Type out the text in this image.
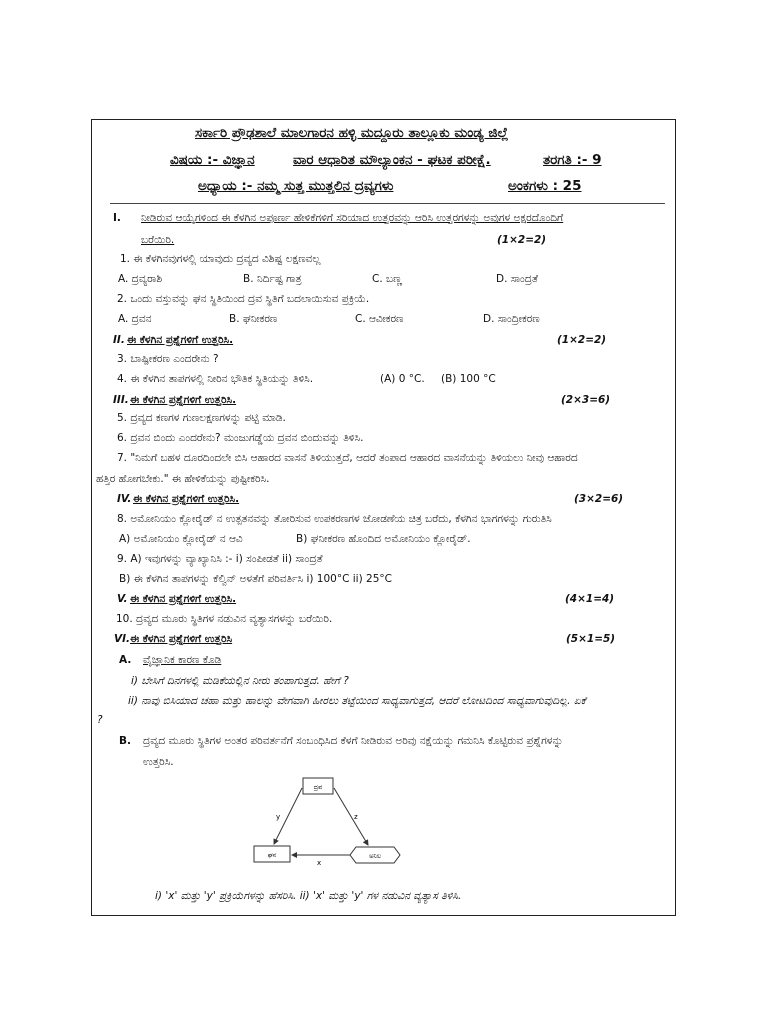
ಸರ್ಕಾರಿ ಪ್ರೌಢಶಾಲೆ ಮಾಲಗಾರನ ಹಳ್ಳಿ ಮದ್ದೂರು ತಾಲ್ಲೂಕು ಮಂಡ್ಯ ಜಿಲ್ಲೆ
ವಿಷಯ :- ವಿಜ್ಞಾನ	ವಾರ ಆಧಾರಿತ ಮೌಲ್ಯಾಂಕನ - ಘಟಕ ಪರೀಕ್ಷೆ.	ತರಗತಿ :- 9
ಅಧ್ಯಾಯ :- ನಮ್ಮ ಸುತ್ತ ಮುತ್ತಲಿನ ದ್ರವ್ಯಗಳು	ಅಂಕಗಳು : 25
I. ನೀಡಿರುವ ಆಯ್ಕೆಗಳಿಂದ ಈ ಕೆಳಗಿನ ಅಪೂರ್ಣ ಹೇಳಿಕೆಗಳಿಗೆ ಸರಿಯಾದ ಉತ್ತರವನ್ನು ಆರಿಸಿ ಉತ್ತರಗಳನ್ನು ಅವುಗಳ ಅಕ್ಷರದೊಂದಿಗೆ
ಬರೆಯಿರಿ.	(1×2=2)
1. ಈ ಕೆಳಗಿನವುಗಳಲ್ಲಿ ಯಾವುದು ದ್ರವ್ಯದ ವಿಶಿಷ್ಟ ಲಕ್ಷಣವಲ್ಲ
A. ದ್ರವ್ಯರಾಶಿ	B. ನಿರ್ದಿಷ್ಟ ಗಾತ್ರ	C. ಬಣ್ಣ	D. ಸಾಂದ್ರತೆ
2. ಒಂದು ವಸ್ತುವನ್ನು ಘನ ಸ್ಥಿತಿಯಿಂದ ದ್ರವ ಸ್ಥಿತಿಗೆ ಬದಲಾಯಿಸುವ ಪ್ರಕ್ರಿಯೆ.
A. ದ್ರವನ	B. ಘನೀಕರಣ	C. ಆವೀಕರಣ	D. ಸಾಂದ್ರೀಕರಣ
II. ಈ ಕೆಳಗಿನ ಪ್ರಶ್ನೆಗಳಿಗೆ ಉತ್ತರಿಸಿ.	(1×2=2)
3. ಬಾಷ್ಪೀಕರಣ ಎಂದರೇನು ?
4. ಈ ಕೆಳಗಿನ ತಾಪಗಳಲ್ಲಿ ನೀರಿನ ಭೌತಿಕ ಸ್ಥಿತಿಯನ್ನು ತಿಳಿಸಿ.	(A) 0 °C. (B) 100 °C
III. ಈ ಕೆಳಗಿನ ಪ್ರಶ್ನೆಗಳಿಗೆ ಉತ್ತರಿಸಿ.	(2×3=6)
5. ದ್ರವ್ಯದ ಕಣಗಳ ಗುಣಲಕ್ಷಣಗಳನ್ನು ಪಟ್ಟಿ ಮಾಡಿ.
6. ದ್ರವನ ಬಿಂದು ಎಂದರೇನು? ಮಂಜುಗಡ್ಡೆಯ ದ್ರವನ ಬಿಂದುವನ್ನು ತಿಳಿಸಿ.
7. "ನಿಮಗೆ ಬಹಳ ದೂರದಿಂದಲೇ ಬಿಸಿ ಆಹಾರದ ವಾಸನೆ ತಿಳಿಯುತ್ತದೆ, ಆದರೆ ತಂಪಾದ ಆಹಾರದ ವಾಸನೆಯನ್ನು ತಿಳಿಯಲು ನೀವು ಆಹಾರದ
ಹತ್ತಿರ ಹೋಗಬೇಕು." ಈ ಹೇಳಿಕೆಯನ್ನು ಪುಷ್ಟೀಕರಿಸಿ.
IV. ಈ ಕೆಳಗಿನ ಪ್ರಶ್ನೆಗಳಿಗೆ ಉತ್ತರಿಸಿ.	(3×2=6)
8. ಅಮೋನಿಯಂ ಕ್ಲೋರೈಡ್ ನ ಉತ್ಪತನವನ್ನು ತೋರಿಸುವ ಉಪಕರಣಗಳ ಜೋಡಣೆಯ ಚಿತ್ರ ಬರೆದು, ಕೆಳಗಿನ ಭಾಗಗಳನ್ನು ಗುರುತಿಸಿ
A) ಅಮೋನಿಯಂ ಕ್ಲೋರೈಡ್ ನ ಆವಿ	B) ಘನೀಕರಣ ಹೊಂದಿದ ಅಮೋನಿಯಂ ಕ್ಲೋರೈಡ್.
9. A) ಇವುಗಳನ್ನು ವ್ಯಾಖ್ಯಾನಿಸಿ :- i) ಸಂಪೀಡತೆ ii) ಸಾಂದ್ರತೆ
B) ಈ ಕೆಳಗಿನ ತಾಪಗಳನ್ನು ಕೆಲ್ವಿನ್ ಅಳತೆಗೆ ಪರಿವರ್ತಿಸಿ i) 100°C ii) 25°C
V. ಈ ಕೆಳಗಿನ ಪ್ರಶ್ನೆಗಳಿಗೆ ಉತ್ತರಿಸಿ.	(4×1=4)
10. ದ್ರವ್ಯದ ಮೂರು ಸ್ಥಿತಿಗಳ ನಡುವಿನ ವ್ಯತ್ಯಾಸಗಳನ್ನು ಬರೆಯಿರಿ.
VI. ಈ ಕೆಳಗಿನ ಪ್ರಶ್ನೆಗಳಿಗೆ ಉತ್ತರಿಸಿ	(5×1=5)
A. ವೈಜ್ಞಾನಿಕ ಕಾರಣ ಕೊಡಿ
i) ಬೇಸಿಗೆ ದಿನಗಳಲ್ಲಿ ಮಡಿಕೆಯಲ್ಲಿನ ನೀರು ತಂಪಾಗುತ್ತದೆ. ಹೇಗೆ ?
ii) ನಾವು ಬಿಸಿಯಾದ ಚಹಾ ಮತ್ತು ಹಾಲನ್ನು ವೇಗವಾಗಿ ಹೀರಲು ತಟ್ಟೆಯಿಂದ ಸಾಧ್ಯವಾಗುತ್ತದೆ, ಆದರೆ ಲೋಟದಿಂದ ಸಾಧ್ಯವಾಗುವುದಿಲ್ಲ. ಏಕೆ
?
B. ದ್ರವ್ಯದ ಮೂರು ಸ್ಥಿತಿಗಳ ಅಂತರ ಪರಿವರ್ತನೆಗೆ ಸಂಬಂಧಿಸಿದ ಕೆಳಗೆ ನೀಡಿರುವ ಅರಿವು ನಕ್ಷೆಯನ್ನು ಗಮನಿಸಿ ಕೊಟ್ಟಿರುವ ಪ್ರಶ್ನೆಗಳನ್ನು
ಉತ್ತರಿಸಿ.
ದ್ರವ
ಘನ	ಅನಿಲ
y	z
x
i) 'x' ಮತ್ತು 'y' ಪ್ರಕ್ರಿಯೆಗಳನ್ನು ಹೆಸರಿಸಿ. ii) 'x' ಮತ್ತು 'y' ಗಳ ನಡುವಿನ ವ್ಯತ್ಯಾಸ ತಿಳಿಸಿ.
